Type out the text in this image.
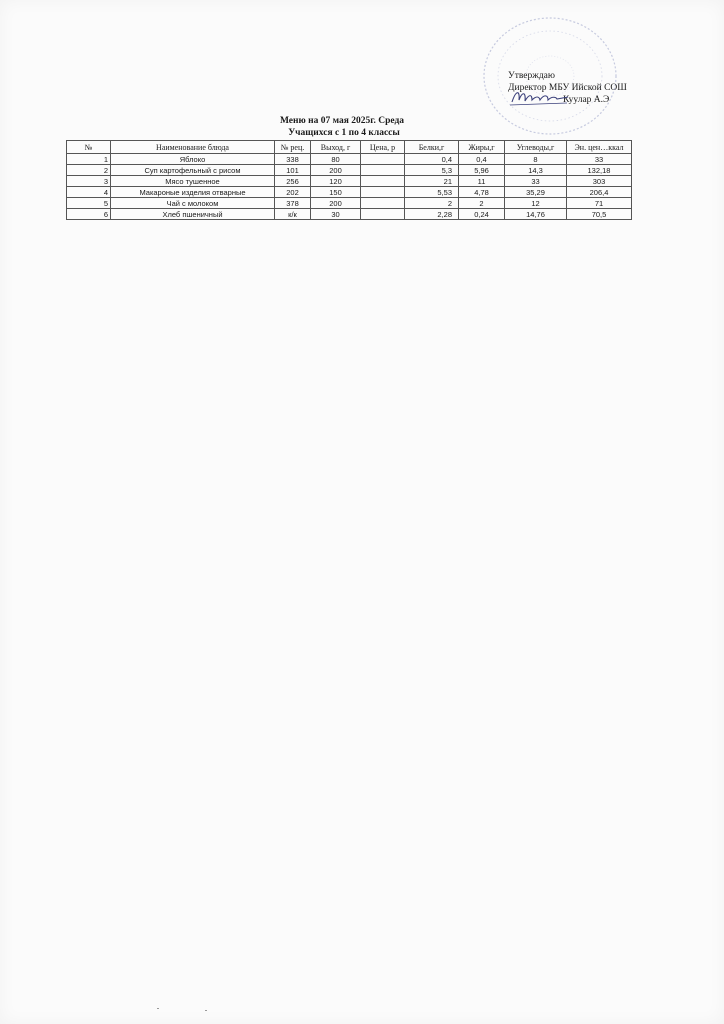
Утверждаю
Директор МБУ Ийской СОШ
Куулар А.Э
Меню на 07 мая 2025г. Среда
Учащихся с 1 по 4 классы
№	Наименование блюда	№ рец.	Выход, г	Цена, р	Белки,г	Жиры,г	Углеводы,г	Эн. цен…ккал
1	Яблоко	338	80		0,4	0,4	8	33
2	Суп картофельный с рисом	101	200		5,3	5,96	14,3	132,18
3	Мясо тушенное	256	120		21	11	33	303
4	Макароные изделия отварные	202	150		5,53	4,78	35,29	206,4
5	Чай с молоком	378	200		2	2	12	71
6	Хлеб пшеничный	к/к	30		2,28	0,24	14,76	70,5
